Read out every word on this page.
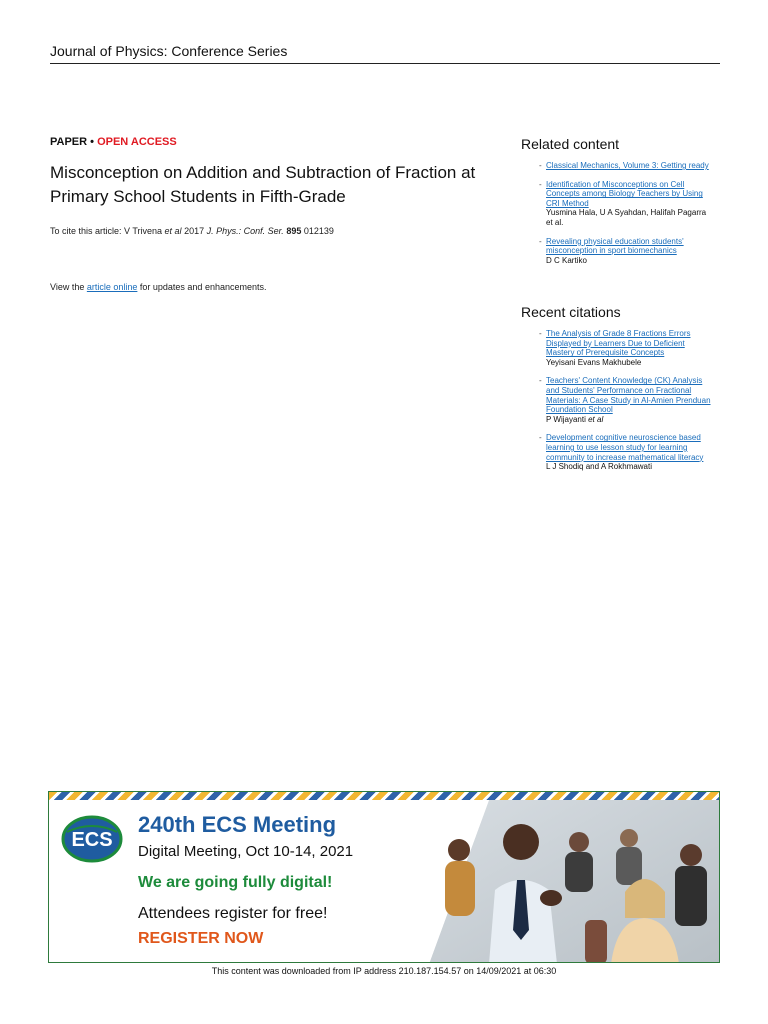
Journal of Physics: Conference Series
PAPER • OPEN ACCESS
Misconception on Addition and Subtraction of Fraction at Primary School Students in Fifth-Grade
To cite this article: V Trivena et al 2017 J. Phys.: Conf. Ser. 895 012139
View the article online for updates and enhancements.
Related content
- Classical Mechanics, Volume 3: Getting ready
- Identification of Misconceptions on Cell Concepts among Biology Teachers by Using CRI Method
Yusmina Hala, U A Syahdan, Halifah Pagarra et al.
- Revealing physical education students' misconception in sport biomechanics
D C Kartiko
Recent citations
- The Analysis of Grade 8 Fractions Errors Displayed by Learners Due to Deficient Mastery of Prerequisite Concepts
Yeyisani Evans Makhubele
- Teachers' Content Knowledge (CK) Analysis and Students' Performance on Fractional Materials: A Case Study in Al-Amien Prenduan Foundation School
P Wijayanti et al
- Development cognitive neuroscience based learning to use lesson study for learning community to increase mathematical literacy
L J Shodiq and A Rokhmawati
ECS
240th ECS Meeting
Digital Meeting, Oct 10-14, 2021
We are going fully digital!
Attendees register for free!
REGISTER NOW
This content was downloaded from IP address 210.187.154.57 on 14/09/2021 at 06:30
